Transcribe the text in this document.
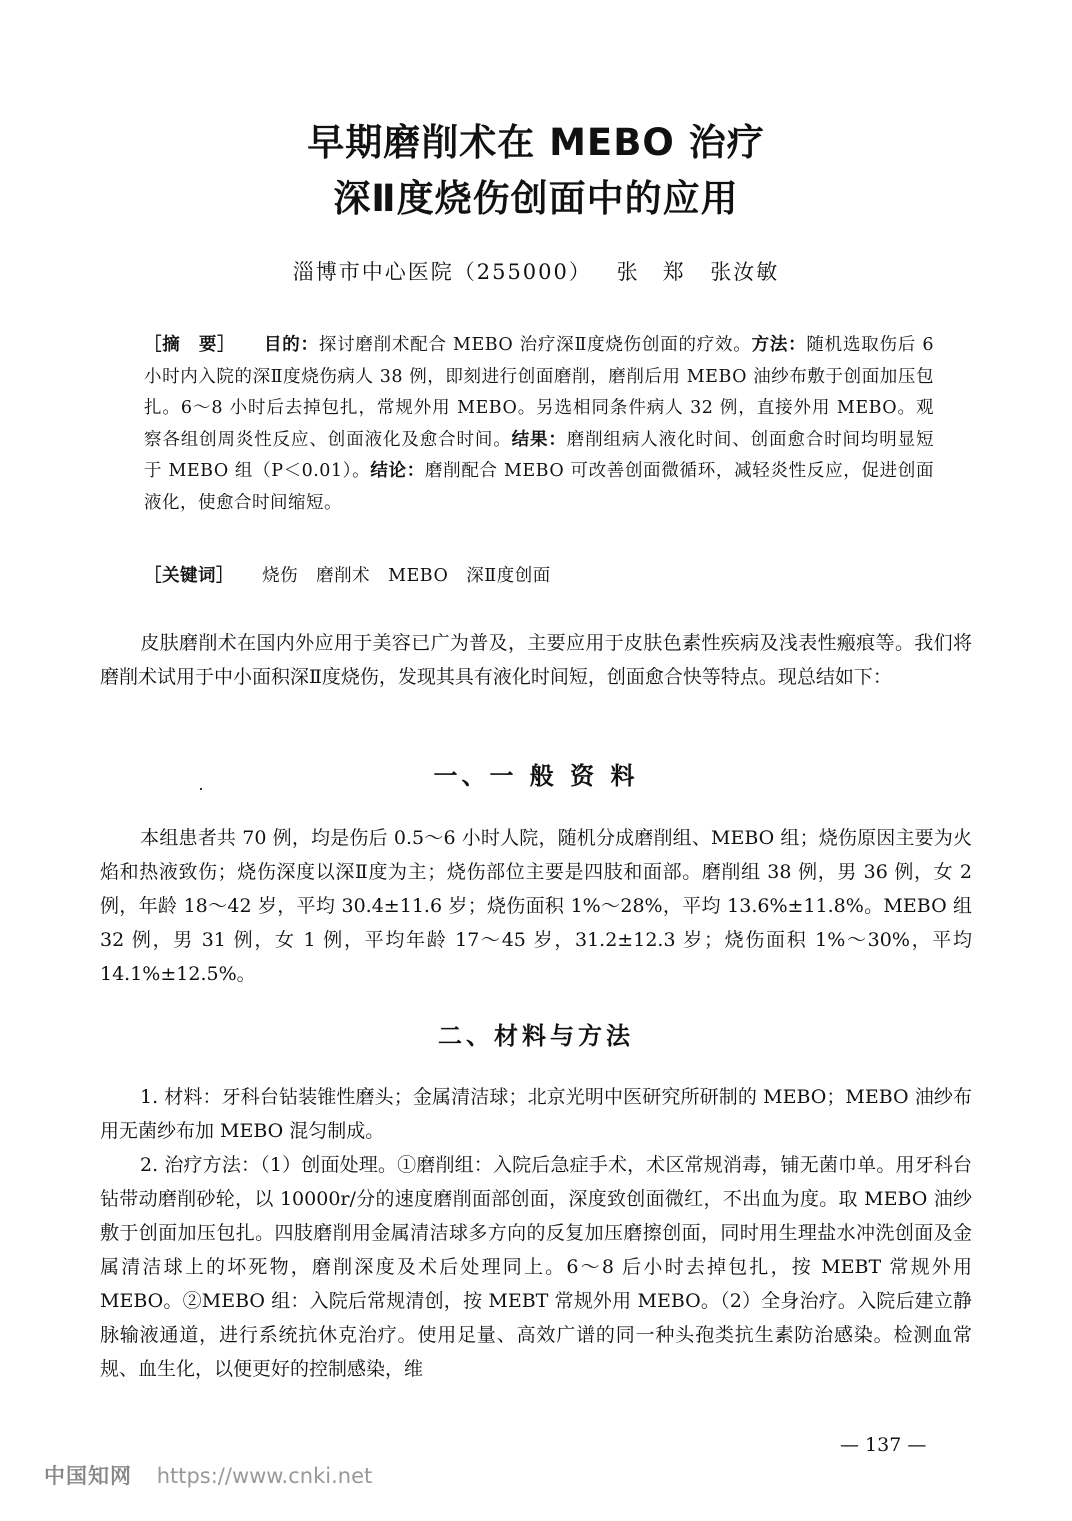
早期磨削术在 MEBO 治疗
深Ⅱ度烧伤创面中的应用
淄博市中心医院（255000） 张　郑 张汝敏
［摘　要］ 目的：探讨磨削术配合 MEBO 治疗深Ⅱ度烧伤创面的疗效。方法：随机选取伤后 6 小时内入院的深Ⅱ度烧伤病人 38 例，即刻进行创面磨削，磨削后用 MEBO 油纱布敷于创面加压包扎。6～8 小时后去掉包扎，常规外用 MEBO。另选相同条件病人 32 例，直接外用 MEBO。观察各组创周炎性反应、创面液化及愈合时间。结果：磨削组病人液化时间、创面愈合时间均明显短于 MEBO 组（P＜0.01）。结论：磨削配合 MEBO 可改善创面微循环，减轻炎性反应，促进创面液化，使愈合时间缩短。
［关键词］ 烧伤　磨削术　MEBO　深Ⅱ度创面
皮肤磨削术在国内外应用于美容已广为普及，主要应用于皮肤色素性疾病及浅表性瘢痕等。我们将磨削术试用于中小面积深Ⅱ度烧伤，发现其具有液化时间短，创面愈合快等特点。现总结如下：
一、一 般 资 料
本组患者共 70 例，均是伤后 0.5～6 小时人院，随机分成磨削组、MEBO 组；烧伤原因主要为火焰和热液致伤；烧伤深度以深Ⅱ度为主；烧伤部位主要是四肢和面部。磨削组 38 例，男 36 例，女 2 例，年龄 18～42 岁，平均 30.4±11.6 岁；烧伤面积 1%～28%，平均 13.6%±11.8%。MEBO 组 32 例，男 31 例，女 1 例，平均年龄 17～45 岁，31.2±12.3 岁；烧伤面积 1%～30%，平均 14.1%±12.5%。
二、材料与方法
1. 材料：牙科台钻装锥性磨头；金属清洁球；北京光明中医研究所研制的 MEBO；MEBO 油纱布用无菌纱布加 MEBO 混匀制成。
2. 治疗方法：（1）创面处理。①磨削组：入院后急症手术，术区常规消毒，铺无菌巾单。用牙科台钻带动磨削砂轮，以 10000r/分的速度磨削面部创面，深度致创面微红，不出血为度。取 MEBO 油纱敷于创面加压包扎。四肢磨削用金属清洁球多方向的反复加压磨擦创面，同时用生理盐水冲洗创面及金属清洁球上的坏死物，磨削深度及术后处理同上。6～8 后小时去掉包扎，按 MEBT 常规外用 MEBO。②MEBO 组：入院后常规清创，按 MEBT 常规外用 MEBO。（2）全身治疗。入院后建立静脉输液通道，进行系统抗休克治疗。使用足量、高效广谱的同一种头孢类抗生素防治感染。检测血常规、血生化，以便更好的控制感染，维
— 137 —
中国知网 https://www.cnki.net
